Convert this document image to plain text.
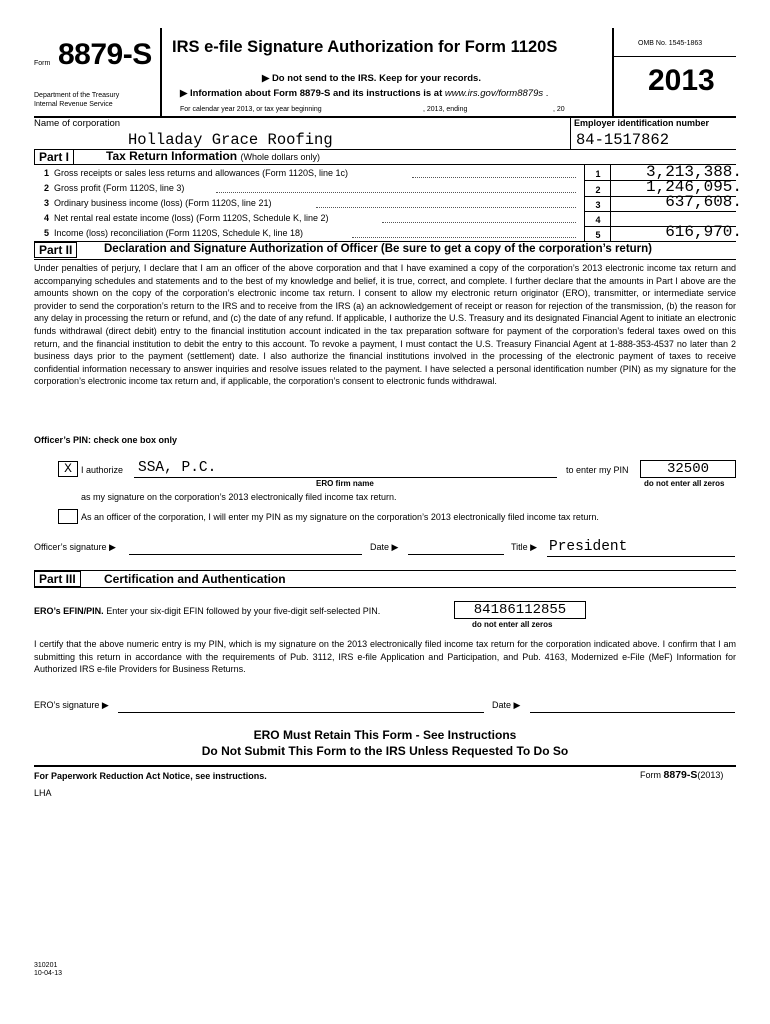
Form 8879-S
Department of the Treasury
Internal Revenue Service
IRS e-file Signature Authorization for Form 1120S
▶ Do not send to the IRS. Keep for your records.
▶ Information about Form 8879-S and its instructions is at www.irs.gov/form8879s .
For calendar year 2013, or tax year beginning	, 2013, ending	, 20
OMB No. 1545-1863
2013
Name of corporation
Holladay Grace Roofing
Employer identification number
84-1517862
Part I	Tax Return Information (Whole dollars only)
1 Gross receipts or sales less returns and allowances (Form 1120S, line 1c)	1	3,213,388.
2 Gross profit (Form 1120S, line 3)	2	1,246,095.
3 Ordinary business income (loss) (Form 1120S, line 21)	3	637,608.
4 Net rental real estate income (loss) (Form 1120S, Schedule K, line 2)	4
5 Income (loss) reconciliation (Form 1120S, Schedule K, line 18)	5	616,970.
Part II	Declaration and Signature Authorization of Officer (Be sure to get a copy of the corporation’s return)
Under penalties of perjury, I declare that I am an officer of the above corporation and that I have examined a copy of the corporation’s 2013 electronic income tax return and accompanying schedules and statements and to the best of my knowledge and belief, it is true, correct, and complete. I further declare that the amounts in Part I above are the amounts shown on the copy of the corporation’s electronic income tax return. I consent to allow my electronic return originator (ERO), transmitter, or intermediate service provider to send the corporation’s return to the IRS and to receive from the IRS (a) an acknowledgement of receipt or reason for rejection of the transmission, (b) the reason for any delay in processing the return or refund, and (c) the date of any refund. If applicable, I authorize the U.S. Treasury and its designated Financial Agent to initiate an electronic funds withdrawal (direct debit) entry to the financial institution account indicated in the tax preparation software for payment of the corporation’s federal taxes owed on this return, and the financial institution to debit the entry to this account. To revoke a payment, I must contact the U.S. Treasury Financial Agent at 1-888-353-4537 no later than 2 business days prior to the payment (settlement) date. I also authorize the financial institutions involved in the processing of the electronic payment of taxes to receive confidential information necessary to answer inquiries and resolve issues related to the payment. I have selected a personal identification number (PIN) as my signature for the corporation’s electronic income tax return and, if applicable, the corporation’s consent to electronic funds withdrawal.
Officer’s PIN: check one box only
X	I authorize SSA, P.C.
ERO firm name
to enter my PIN	32500
do not enter all zeros
as my signature on the corporation’s 2013 electronically filed income tax return.
As an officer of the corporation, I will enter my PIN as my signature on the corporation’s 2013 electronically filed income tax return.
Officer’s signature ▶	Date ▶	Title ▶ President
Part III	Certification and Authentication
ERO’s EFIN/PIN. Enter your six-digit EFIN followed by your five-digit self-selected PIN.	84186112855
do not enter all zeros
I certify that the above numeric entry is my PIN, which is my signature on the 2013 electronically filed income tax return for the corporation indicated above. I confirm that I am submitting this return in accordance with the requirements of Pub. 3112, IRS e-file Application and Participation, and Pub. 4163, Modernized e-File (MeF) Information for Authorized IRS e-file Providers for Business Returns.
ERO’s signature ▶	Date ▶
ERO Must Retain This Form - See Instructions
Do Not Submit This Form to the IRS Unless Requested To Do So
For Paperwork Reduction Act Notice, see instructions.
LHA
Form 8879-S(2013)
310201
10-04-13
